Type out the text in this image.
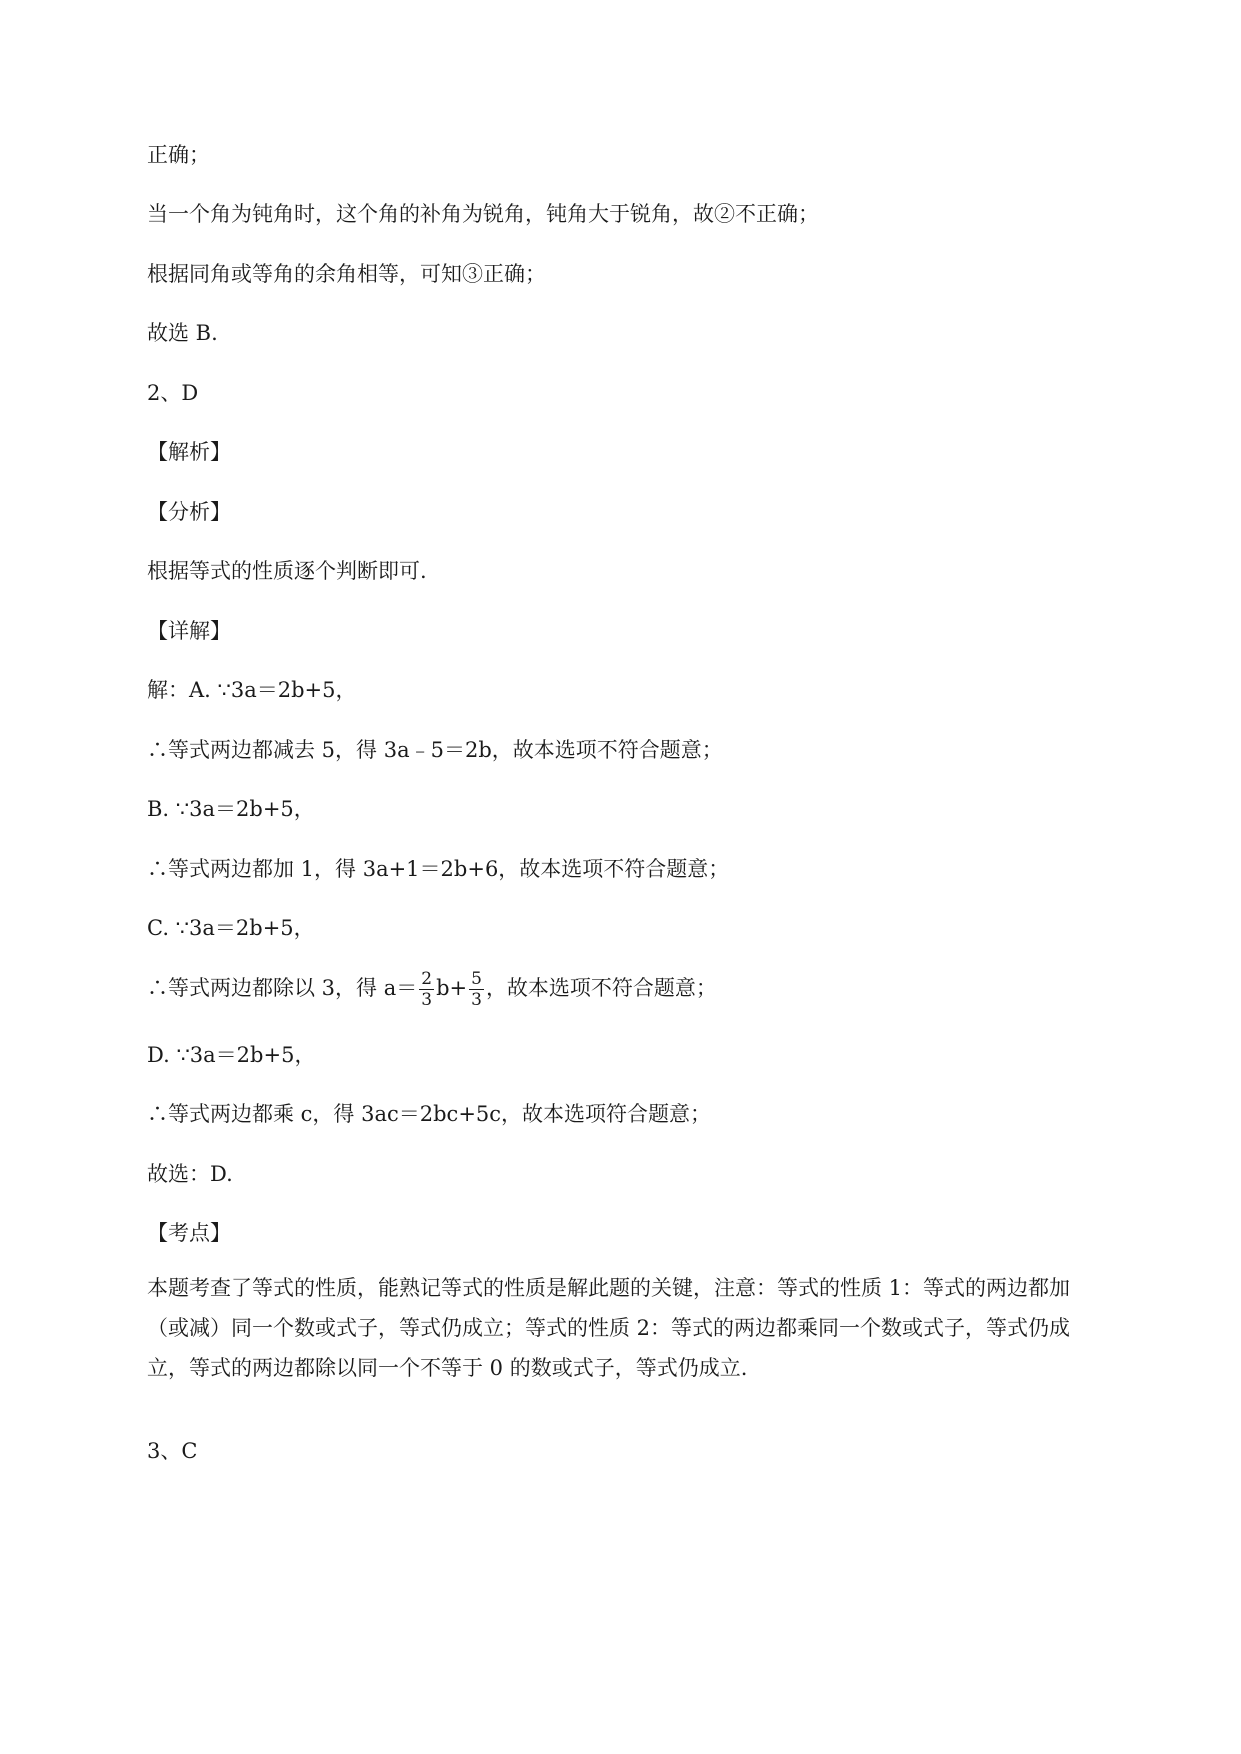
正确；
当一个角为钝角时，这个角的补角为锐角，钝角大于锐角，故②不正确；
根据同角或等角的余角相等，可知③正确；
故选 B.
2、D
【解析】
【分析】
根据等式的性质逐个判断即可.
【详解】
解：A. ∵3a＝2b+5，
∴等式两边都减去 5，得 3a﹣5＝2b，故本选项不符合题意；
B. ∵3a＝2b+5，
∴等式两边都加 1，得 3a+1＝2b+6，故本选项不符合题意；
C. ∵3a＝2b+5，
∴等式两边都除以 3，得 $a= \frac{2}{3} b+ \frac{5}{3}$ ，故本选项不符合题意；
D. ∵3a＝2b+5，
∴等式两边都乘 c，得 3ac＝2bc+5c，故本选项符合题意；
故选：D.
【考点】
本题考查了等式的性质，能熟记等式的性质是解此题的关键，注意：等式的性质 1：等式的两边都加
（或减）同一个数或式子，等式仍成立；等式的性质 2：等式的两边都乘同一个数或式子，等式仍成
立，等式的两边都除以同一个不等于 0 的数或式子，等式仍成立.
3、C
